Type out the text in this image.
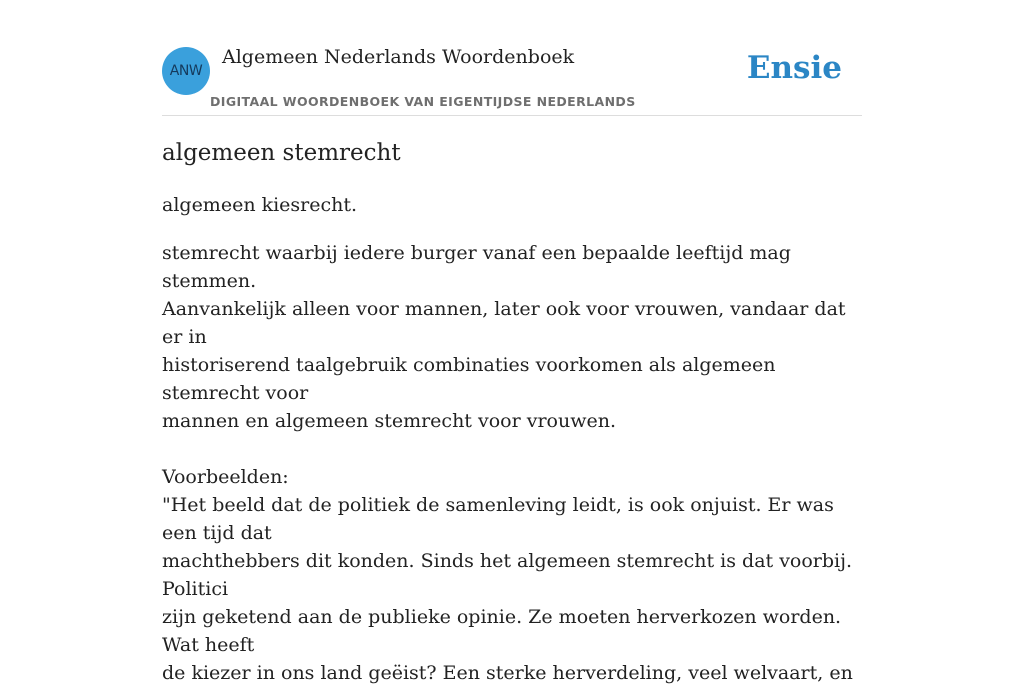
ANW
Algemeen Nederlands Woordenboek
DIGITAAL WOORDENBOEK VAN EIGENTIJDSE NEDERLANDS
Ensie
algemeen stemrecht
algemeen kiesrecht.

stemrecht waarbij iedere burger vanaf een bepaalde leeftijd mag stemmen.
Aanvankelijk alleen voor mannen, later ook voor vrouwen, vandaar dat er in
historiserend taalgebruik combinaties voorkomen als algemeen stemrecht voor
mannen en algemeen stemrecht voor vrouwen.

Voorbeelden:
"Het beeld dat de politiek de samenleving leidt, is ook onjuist. Er was een tijd dat
machthebbers dit konden. Sinds het algemeen stemrecht is dat voorbij. Politici
zijn geketend aan de publieke opinie. Ze moeten herverkozen worden. Wat heeft
de kiezer in ons land geëist? Een sterke herverdeling, veel welvaart, en
